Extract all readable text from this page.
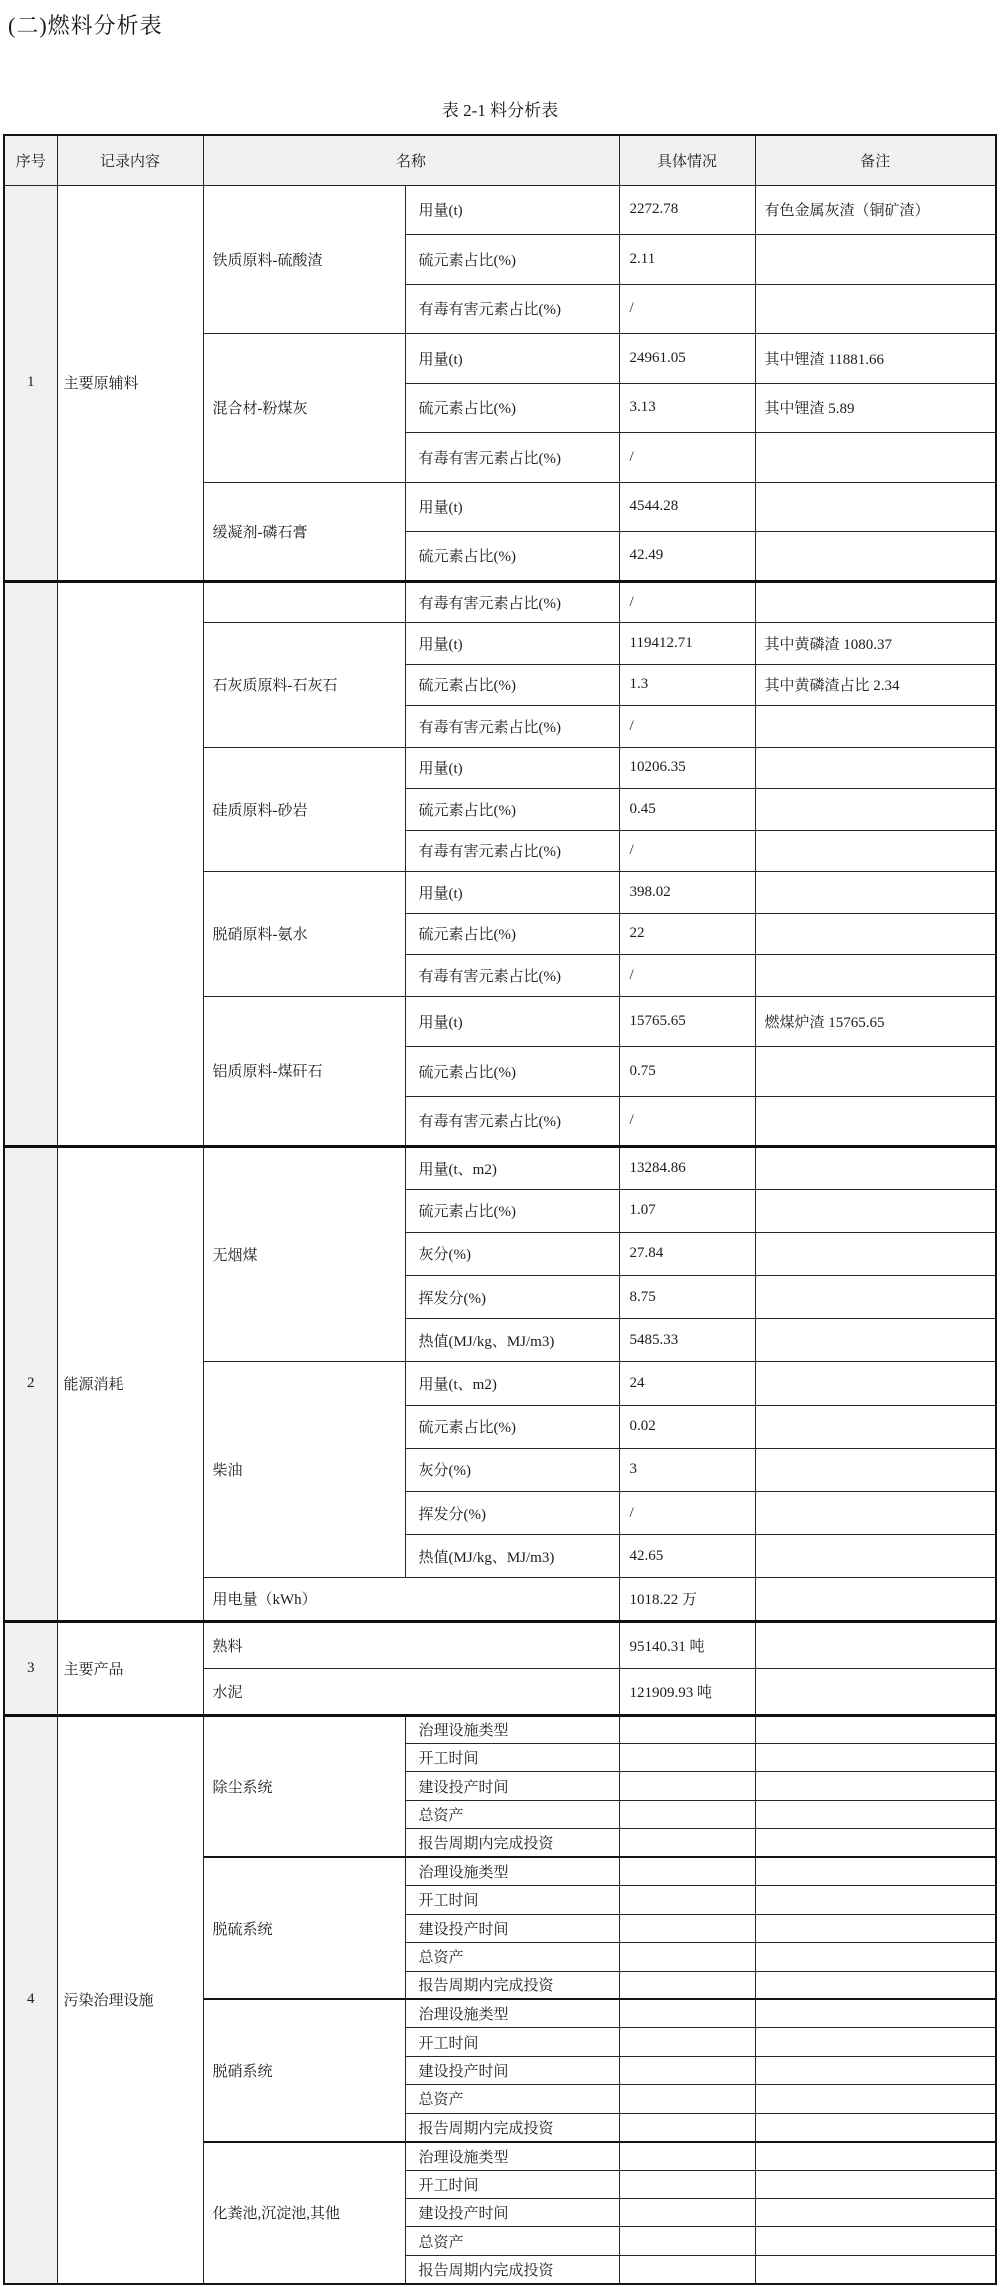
(二)燃料分析表
表 2-1 料分析表
序号	记录内容	名称		具体情况	备注
1	主要原辅料	铁质原料-硫酸渣	用量(t)	2272.78	有色金属灰渣（铜矿渣）
			硫元素占比(%)	2.11	
			有毒有害元素占比(%)	/	
		混合材-粉煤灰	用量(t)	24961.05	其中锂渣 11881.66
			硫元素占比(%)	3.13	其中锂渣 5.89
			有毒有害元素占比(%)	/	
		缓凝剂-磷石膏	用量(t)	4544.28	
			硫元素占比(%)	42.49	
			有毒有害元素占比(%)	/	
		石灰质原料-石灰石	用量(t)	119412.71	其中黄磷渣 1080.37
			硫元素占比(%)	1.3	其中黄磷渣占比 2.34
			有毒有害元素占比(%)	/	
		硅质原料-砂岩	用量(t)	10206.35	
			硫元素占比(%)	0.45	
			有毒有害元素占比(%)	/	
		脱硝原料-氨水	用量(t)	398.02	
			硫元素占比(%)	22	
			有毒有害元素占比(%)	/	
		铝质原料-煤矸石	用量(t)	15765.65	燃煤炉渣 15765.65
			硫元素占比(%)	0.75	
			有毒有害元素占比(%)	/	
2	能源消耗	无烟煤	用量(t、m2)	13284.86	
			硫元素占比(%)	1.07	
			灰分(%)	27.84	
			挥发分(%)	8.75	
			热值(MJ/kg、MJ/m3)	5485.33	
		柴油	用量(t、m2)	24	
			硫元素占比(%)	0.02	
			灰分(%)	3	
			挥发分(%)	/	
			热值(MJ/kg、MJ/m3)	42.65	
		用电量（kWh）		1018.22 万	
3	主要产品	熟料		95140.31 吨	
		水泥		121909.93 吨	
4	污染治理设施	除尘系统	治理设施类型		
			开工时间		
			建设投产时间		
			总资产		
			报告周期内完成投资		
		脱硫系统	治理设施类型		
			开工时间		
			建设投产时间		
			总资产		
			报告周期内完成投资		
		脱硝系统	治理设施类型		
			开工时间		
			建设投产时间		
			总资产		
			报告周期内完成投资		
		化粪池,沉淀池,其他	治理设施类型		
			开工时间		
			建设投产时间		
			总资产		
			报告周期内完成投资		
